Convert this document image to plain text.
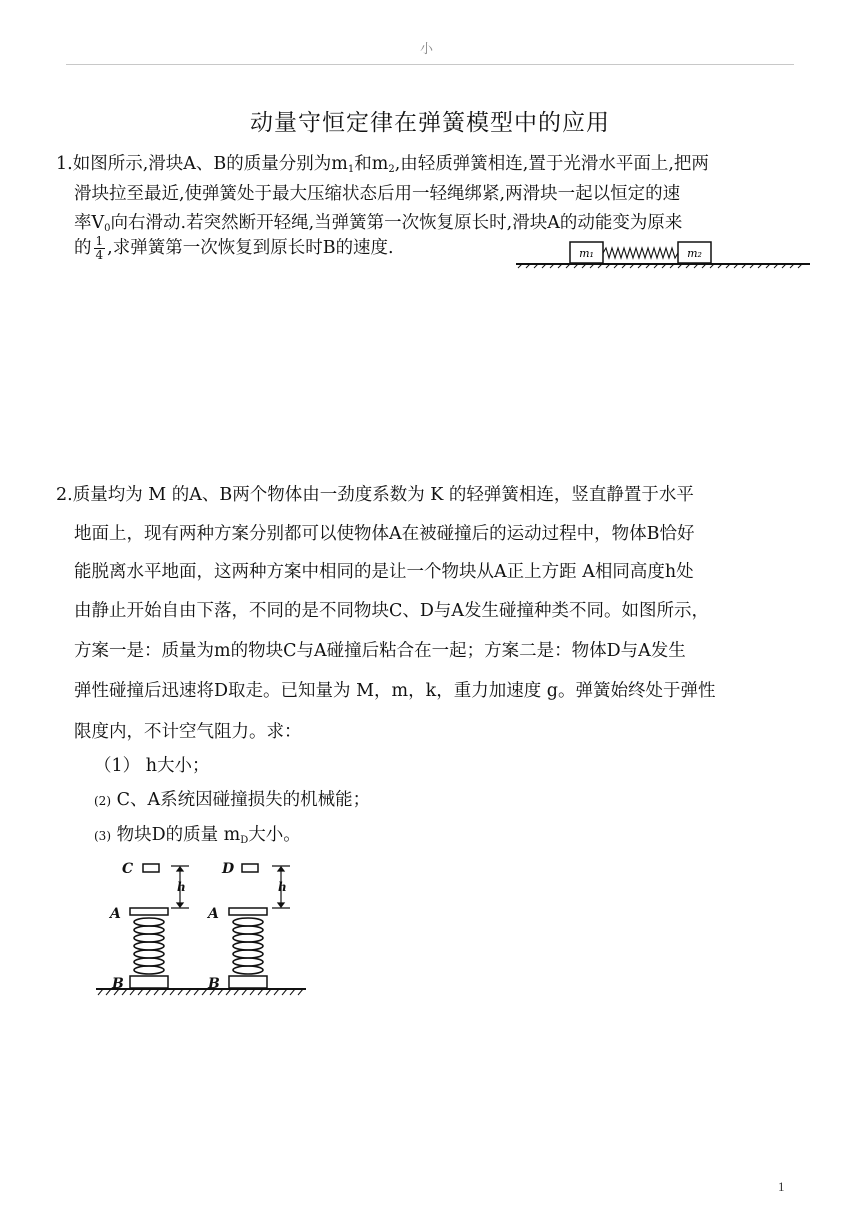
小
动量守恒定律在弹簧模型中的应用
1.如图所示,滑块A、B的质量分别为$m_1$和$m_2$,由轻质弹簧相连,置于光滑水平面上,把两
滑块拉至最近,使弹簧处于最大压缩状态后用一轻绳绑紧,两滑块一起以恒定的速
率$V_0$向右滑动.若突然断开轻绳,当弹簧第一次恢复原长时,滑块A的动能变为原来
的 $\frac{1}{4}$ ,求弹簧第一次恢复到原长时B的速度.	m₁	m₂
2.质量均为 M 的A、B两个物体由一劲度系数为 K 的轻弹簧相连，竖直静置于水平
地面上，现有两种方案分别都可以使物体A在被碰撞后的运动过程中，物体B恰好
能脱离水平地面，这两种方案中相同的是让一个物块从A正上方距 A相同高度h处
由静止开始自由下落，不同的是不同物块C、D与A发生碰撞种类不同。如图所示，
方案一是：质量为m的物块C与A碰撞后粘合在一起；方案二是：物体D与A发生
弹性碰撞后迅速将D取走。已知量为 M，m，k，重力加速度 g。弹簧始终处于弹性
限度内，不计空气阻力。求：
（1） h大小；
(2) C、A系统因碰撞损失的机械能；
(3) 物块D的质量 $m_D$大小。
C	D
A	A
B	B
h	h
1
